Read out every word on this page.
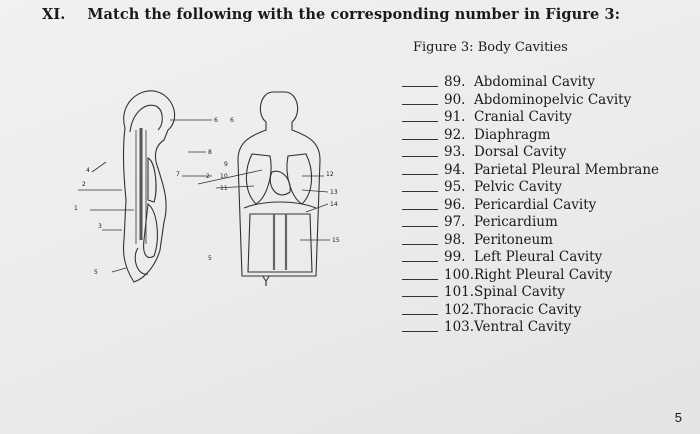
XI. Match the following with the corresponding number in Figure 3:
Figure 3: Body Cavities
1
2
3
4
5
6
7
8
9
10
11
2	12
13
14
15
5
6
Y
89. Abdominal Cavity
90. Abdominopelvic Cavity
91. Cranial Cavity
92. Diaphragm
93. Dorsal Cavity
94. Parietal Pleural Membrane
95. Pelvic Cavity
96. Pericardial Cavity
97. Pericardium
98. Peritoneum
99. Left Pleural Cavity
100. Right Pleural Cavity
101. Spinal Cavity
102. Thoracic Cavity
103. Ventral Cavity
5
